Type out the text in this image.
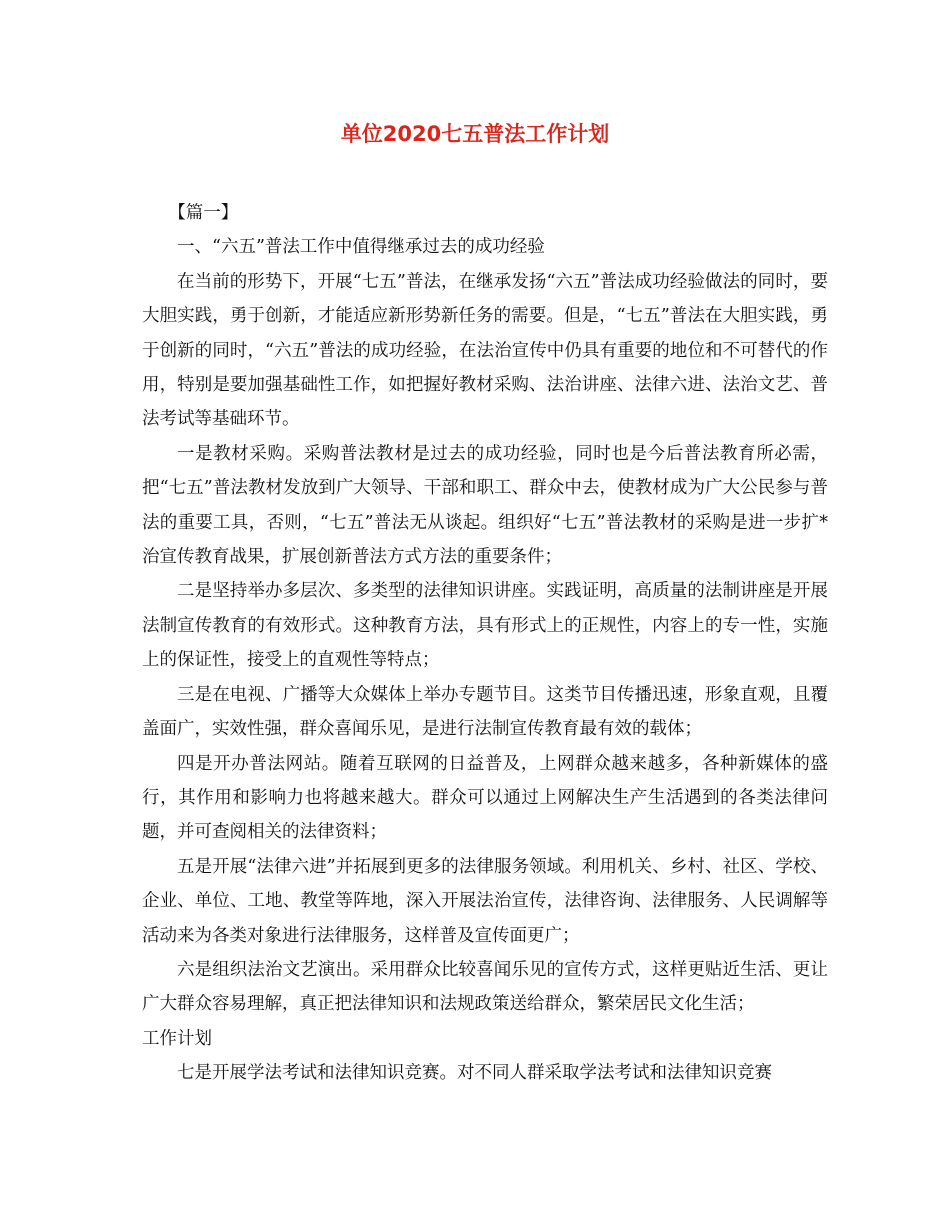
单位2020七五普法工作计划

【篇一】

一、“六五”普法工作中值得继承过去的成功经验

在当前的形势下，开展“七五”普法，在继承发扬“六五”普法成功经验做法的同时，要大胆实践，勇于创新，才能适应新形势新任务的需要。但是，“七五”普法在大胆实践，勇于创新的同时，“六五”普法的成功经验，在法治宣传中仍具有重要的地位和不可替代的作用，特别是要加强基础性工作，如把握好教材采购、法治讲座、法律六进、法治文艺、普法考试等基础环节。

一是教材采购。采购普法教材是过去的成功经验，同时也是今后普法教育所必需，把“七五”普法教材发放到广大领导、干部和职工、群众中去，使教材成为广大公民参与普法的重要工具，否则，“七五”普法无从谈起。组织好“七五”普法教材的采购是进一步扩*治宣传教育战果，扩展创新普法方式方法的重要条件；

二是坚持举办多层次、多类型的法律知识讲座。实践证明，高质量的法制讲座是开展法制宣传教育的有效形式。这种教育方法，具有形式上的正规性，内容上的专一性，实施上的保证性，接受上的直观性等特点；

三是在电视、广播等大众媒体上举办专题节目。这类节目传播迅速，形象直观，且覆盖面广，实效性强，群众喜闻乐见，是进行法制宣传教育最有效的载体；

四是开办普法网站。随着互联网的日益普及，上网群众越来越多，各种新媒体的盛行，其作用和影响力也将越来越大。群众可以通过上网解决生产生活遇到的各类法律问题，并可查阅相关的法律资料；

五是开展“法律六进”并拓展到更多的法律服务领域。利用机关、乡村、社区、学校、企业、单位、工地、教堂等阵地，深入开展法治宣传，法律咨询、法律服务、人民调解等活动来为各类对象进行法律服务，这样普及宣传面更广；

六是组织法治文艺演出。采用群众比较喜闻乐见的宣传方式，这样更贴近生活、更让广大群众容易理解，真正把法律知识和法规政策送给群众，繁荣居民文化生活；

工作计划

七是开展学法考试和法律知识竞赛。对不同人群采取学法考试和法律知识竞赛
